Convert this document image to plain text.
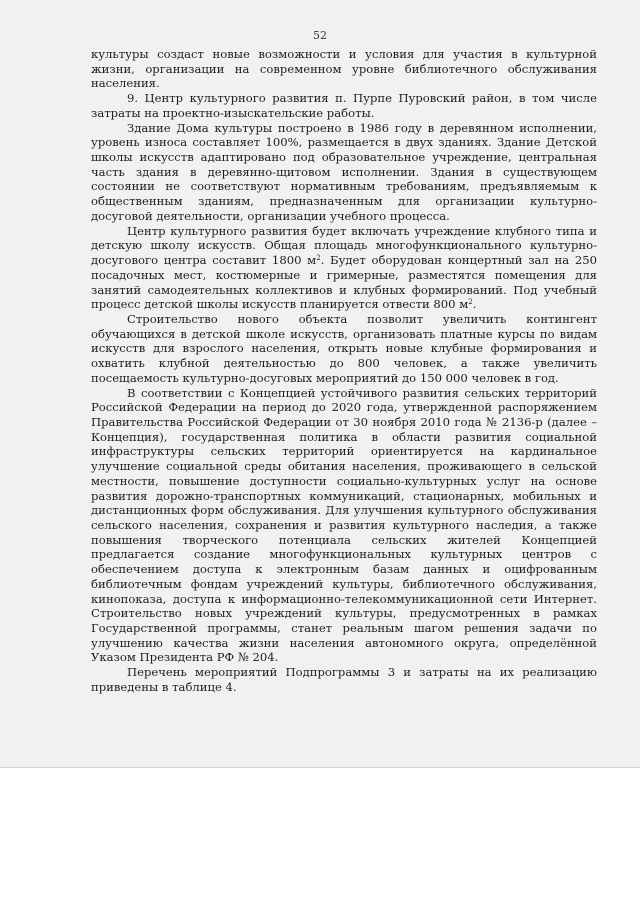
52

культуры создаст новые возможности и условия для участия в культурной жизни, организации на современном уровне библиотечного обслуживания населения.

9. Центр культурного развития п. Пурпе Пуровский район, в том числе затраты на проектно-изыскательские работы.

Здание Дома культуры построено в 1986 году в деревянном исполнении, уровень износа составляет 100%, размещается в двух зданиях. Здание Детской школы искусств адаптировано под образовательное учреждение, центральная часть здания в деревянно-щитовом исполнении. Здания в существующем состоянии не соответствуют нормативным требованиям, предъявляемым к общественным зданиям, предназначенным для организации культурно-досуговой деятельности, организации учебного процесса.

Центр культурного развития будет включать учреждение клубного типа и детскую школу искусств. Общая площадь многофункционального культурно-досугового центра составит 1800 $м^2$. Будет оборудован концертный зал на 250 посадочных мест, костюмерные и гримерные, разместятся помещения для занятий самодеятельных коллективов и клубных формирований. Под учебный процесс детской школы искусств планируется отвести 800 $м^2$.

Строительство нового объекта позволит увеличить контингент обучающихся в детской школе искусств, организовать платные курсы по видам искусств для взрослого населения, открыть новые клубные формирования и охватить клубной деятельностью до 800 человек, а также увеличить посещаемость культурно-досуговых мероприятий до 150 000 человек в год.

В соответствии с Концепцией устойчивого развития сельских территорий Российской Федерации на период до 2020 года, утвержденной распоряжением Правительства Российской Федерации от 30 ноября 2010 года № 2136-р (далее – Концепция), государственная политика в области развития социальной инфраструктуры сельских территорий ориентируется на кардинальное улучшение социальной среды обитания населения, проживающего в сельской местности, повышение доступности социально-культурных услуг на основе развития дорожно-транспортных коммуникаций, стационарных, мобильных и дистанционных форм обслуживания. Для улучшения культурного обслуживания сельского населения, сохранения и развития культурного наследия, а также повышения творческого потенциала сельских жителей Концепцией предлагается создание многофункциональных культурных центров с обеспечением доступа к электронным базам данных и оцифрованным библиотечным фондам учреждений культуры, библиотечного обслуживания, кинопоказа, доступа к информационно-телекоммуникационной сети Интернет. Строительство новых учреждений культуры, предусмотренных в рамках Государственной программы, станет реальным шагом решения задачи по улучшению качества жизни населения автономного округа, определённой Указом Президента РФ № 204.

Перечень мероприятий Подпрограммы 3 и затраты на их реализацию приведены в таблице 4.
